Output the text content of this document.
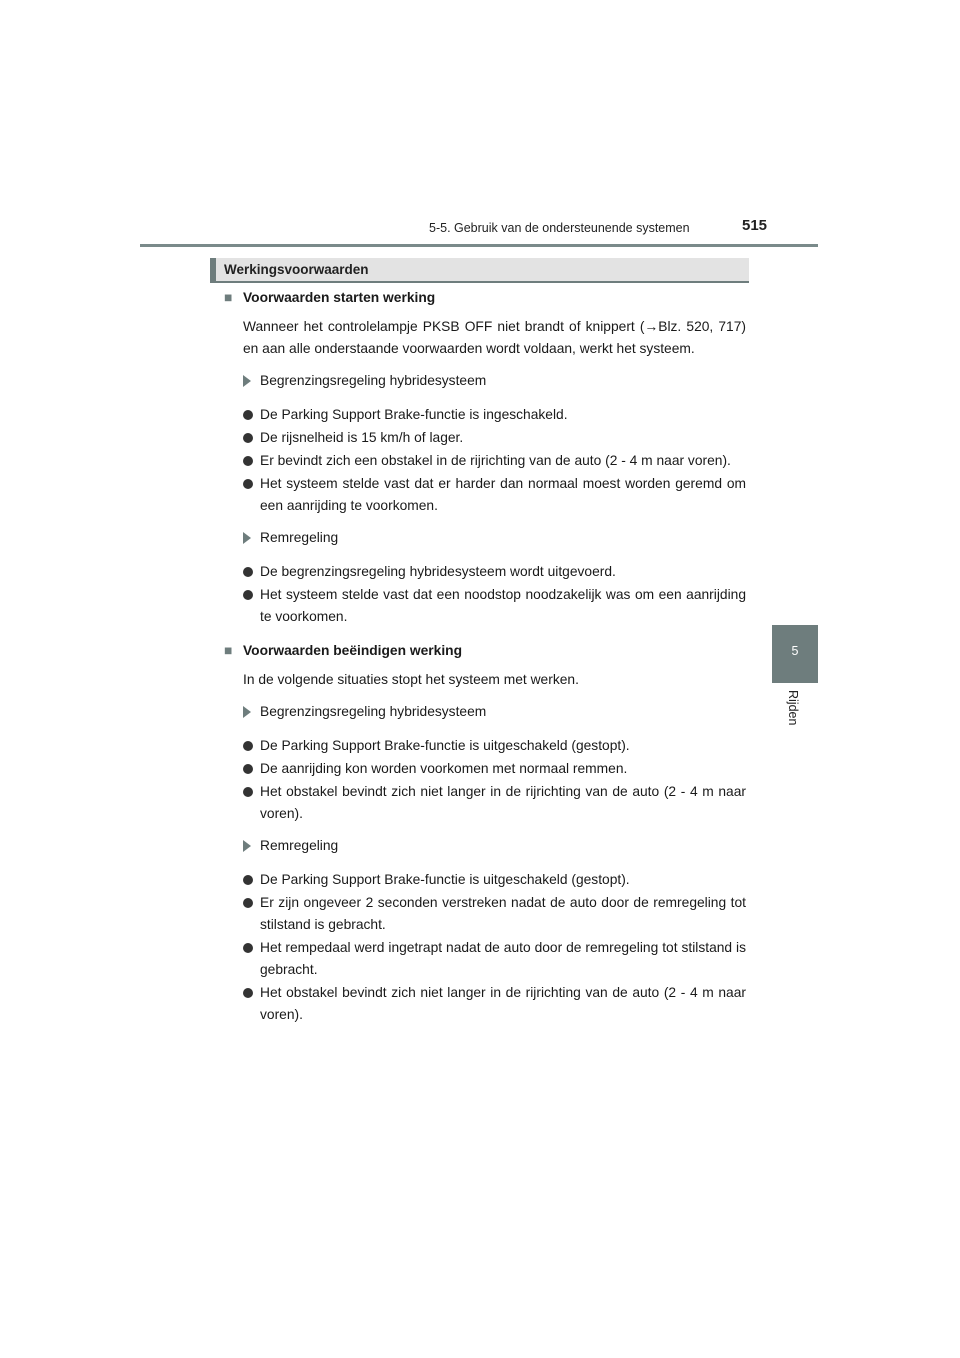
5-5. Gebruik van de ondersteunende systemen	515
5
Rijden
Werkingsvoorwaarden
■ Voorwaarden starten werking
Wanneer het controlelampje PKSB OFF niet brandt of knippert (→Blz. 520, 717) en aan alle onderstaande voorwaarden wordt voldaan, werkt het systeem.
Begrenzingsregeling hybridesysteem
De Parking Support Brake-functie is ingeschakeld.
De rijsnelheid is 15 km/h of lager.
Er bevindt zich een obstakel in de rijrichting van de auto (2 - 4 m naar voren).
Het systeem stelde vast dat er harder dan normaal moest worden geremd om een aanrijding te voorkomen.
Remregeling
De begrenzingsregeling hybridesysteem wordt uitgevoerd.
Het systeem stelde vast dat een noodstop noodzakelijk was om een aanrijding te voorkomen.
■ Voorwaarden beëindigen werking
In de volgende situaties stopt het systeem met werken.
Begrenzingsregeling hybridesysteem
De Parking Support Brake-functie is uitgeschakeld (gestopt).
De aanrijding kon worden voorkomen met normaal remmen.
Het obstakel bevindt zich niet langer in de rijrichting van de auto (2 - 4 m naar voren).
Remregeling
De Parking Support Brake-functie is uitgeschakeld (gestopt).
Er zijn ongeveer 2 seconden verstreken nadat de auto door de remregeling tot stilstand is gebracht.
Het rempedaal werd ingetrapt nadat de auto door de remregeling tot stilstand is gebracht.
Het obstakel bevindt zich niet langer in de rijrichting van de auto (2 - 4 m naar voren).
